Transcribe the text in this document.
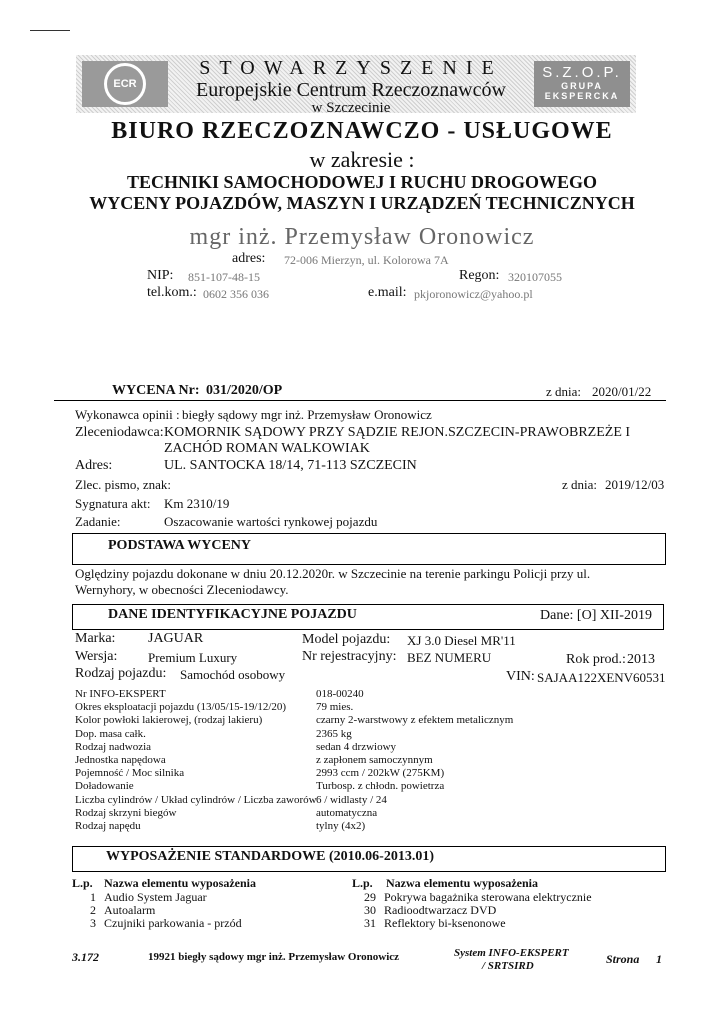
ECR
STOWARZYSZENIE
Europejskie Centrum Rzeczoznawców
w Szczecinie
S.Z.O.P.
GRUPA
EKSPERCKA
BIURO RZECZOZNAWCZO - USŁUGOWE
w zakresie :
TECHNIKI SAMOCHODOWEJ I RUCHU DROGOWEGO
WYCENY POJAZDÓW, MASZYN I URZĄDZEŃ TECHNICZNYCH
mgr inż. Przemysław Oronowicz
adres: 72-006 Mierzyn, ul. Kolorowa 7A
NIP: 851-107-48-15	Regon: 320107055
tel.kom.: 0602 356 036	e.mail: pkjoronowicz@yahoo.pl
WYCENA Nr: 031/2020/OP	z dnia: 2020/01/22
Wykonawca opinii : biegły sądowy mgr inż. Przemysław Oronowicz
Zleceniodawca: KOMORNIK SĄDOWY PRZY SĄDZIE REJON.SZCZECIN-PRAWOBRZEŻE I
ZACHÓD ROMAN WALKOWIAK
Adres:	UL. SANTOCKA 18/14, 71-113 SZCZECIN
Zlec. pismo, znak:	z dnia: 2019/12/03
Sygnatura akt: Km 2310/19
Zadanie:	Oszacowanie wartości rynkowej pojazdu
PODSTAWA WYCENY
Oględziny pojazdu dokonane w dniu 20.12.2020r. w Szczecinie na terenie parkingu Policji przy ul.
Wernyhory, w obecności Zleceniodawcy.
DANE IDENTYFIKACYJNE POJAZDU	Dane: [O] XII-2019
Marka: JAGUAR	Model pojazdu: XJ 3.0 Diesel MR'11
Wersja: Premium Luxury	Nr rejestracyjny: BEZ NUMERU	Rok prod.: 2013
Rodzaj pojazdu: Samochód osobowy	VIN: SAJAA122XENV60531
Nr INFO-EKSPERT	018-00240
Okres eksploatacji pojazdu (13/05/15-19/12/20)	79 mies.
Kolor powłoki lakierowej, (rodzaj lakieru)	czarny 2-warstwowy z efektem metalicznym
Dop. masa całk.	2365 kg
Rodzaj nadwozia	sedan 4 drzwiowy
Jednostka napędowa	z zapłonem samoczynnym
Pojemność / Moc silnika	2993 ccm / 202kW (275KM)
Doładowanie	Turbosp. z chłodn. powietrza
Liczba cylindrów / Układ cylindrów / Liczba zaworów 6 / widlasty / 24
Rodzaj skrzyni biegów	automatyczna
Rodzaj napędu	tylny (4x2)
WYPOSAŻENIE STANDARDOWE (2010.06-2013.01)
L.p. Nazwa elementu wyposażenia	L.p. Nazwa elementu wyposażenia
1 Audio System Jaguar
2 Autoalarm
3 Czujniki parkowania - przód
29 Pokrywa bagażnika sterowana elektrycznie
30 Radioodtwarzacz DVD
31 Reflektory bi-ksenonowe
3.172	19921 biegły sądowy mgr inż. Przemysław Oronowicz	System INFO-EKSPERT
/ SRTSIRD	Strona 1
